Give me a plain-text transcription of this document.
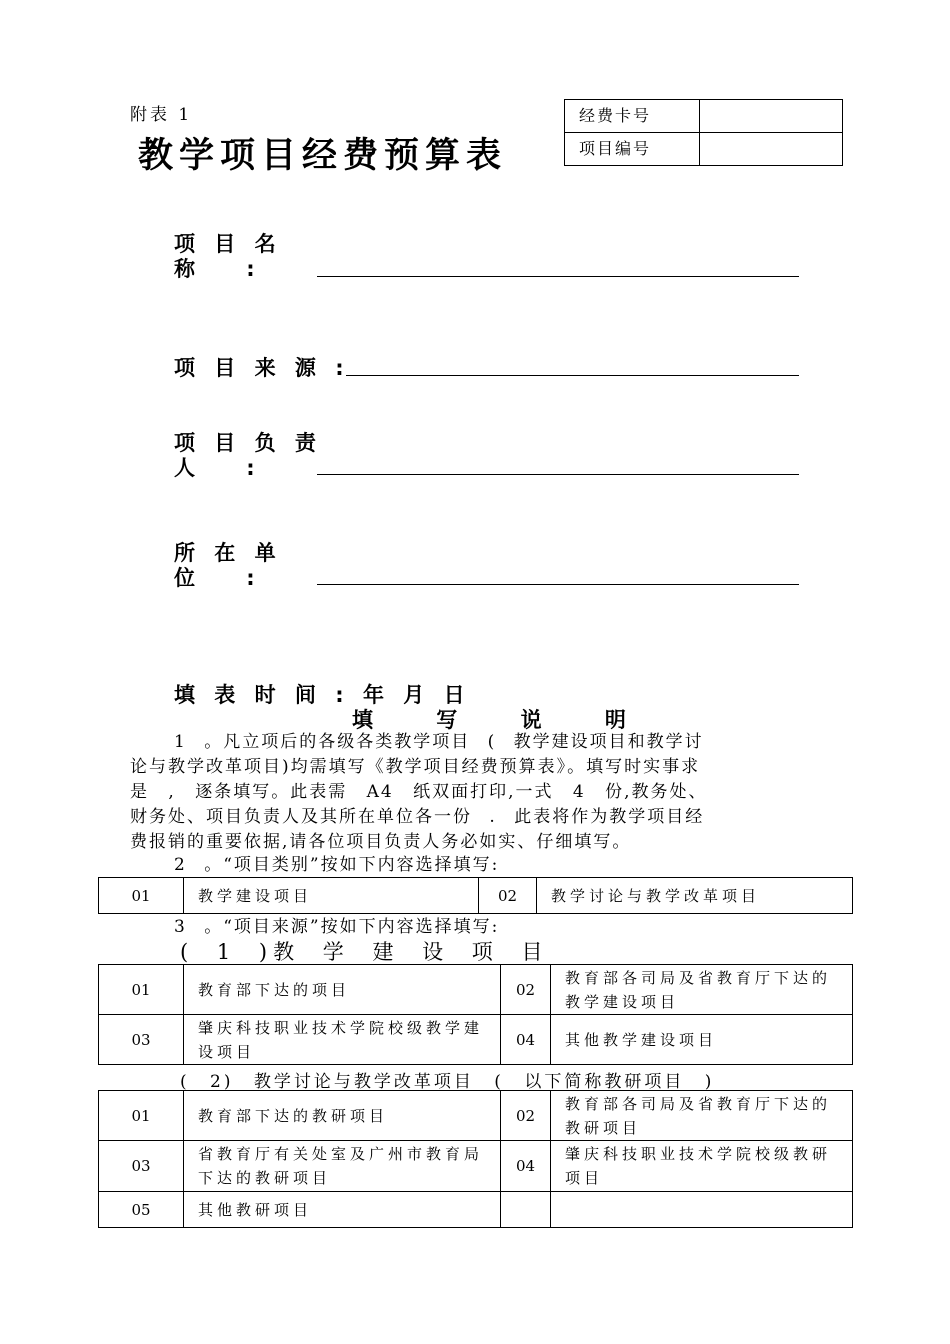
附表 1
教学项目经费预算表
经费卡号	
项目编号	
项 目 名
称 :
项 目 来 源 :
项 目 负 责
人 :
所 在 单
位 :
填 表 时 间 : 年 月 日
填 写 说 明
1 。凡立项后的各级各类教学项目 ( 教学建设项目和教学讨
论与教学改革项目)均需填写《教学项目经费预算表》。填写时实事求
是 , 逐条填写。此表需 A4 纸双面打印,一式 4 份,教务处、
财务处、项目负责人及其所在单位各一份 . 此表将作为教学项目经
费报销的重要依据,请各位项目负责人务必如实、仔细填写。
2 。“项目类别”按如下内容选择填写:
01	教学建设项目	02	教学讨论与教学改革项目
3 。“项目来源”按如下内容选择填写:
( 1 )教 学 建 设 项 目
01	教育部下达的项目	02	教育部各司局及省教育厅下达的教学建设项目
03	肇庆科技职业技术学院校级教学建设项目	04	其他教学建设项目
( 2) 教学讨论与教学改革项目 ( 以下简称教研项目 )
01	教育部下达的教研项目	02	教育部各司局及省教育厅下达的教研项目
03	省教育厅有关处室及广州市教育局下达的教研项目	04	肇庆科技职业技术学院校级教研项目
05	其他教研项目		
